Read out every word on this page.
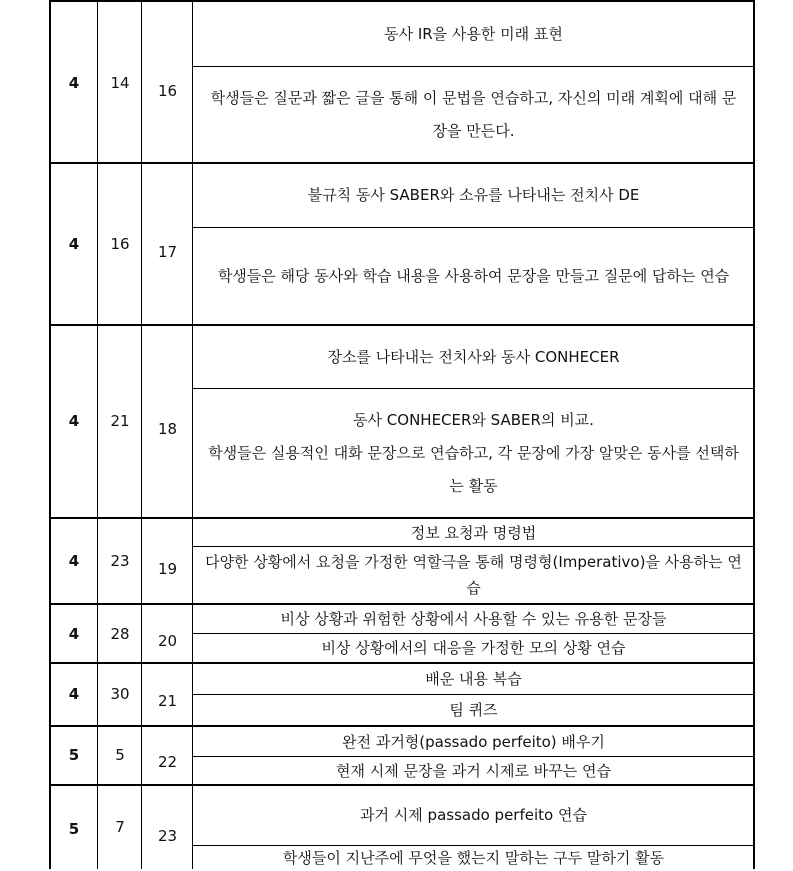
4	14	16
동사 IR을 사용한 미래 표현
학생들은 질문과 짧은 글을 통해 이 문법을 연습하고, 자신의 미래 계획에 대해 문장을 만든다.
4	16	17
불규칙 동사 SABER와 소유를 나타내는 전치사 DE
학생들은 해당 동사와 학습 내용을 사용하여 문장을 만들고 질문에 답하는 연습
4	21	18
장소를 나타내는 전치사와 동사 CONHECER
동사 CONHECER와 SABER의 비교.
학생들은 실용적인 대화 문장으로 연습하고, 각 문장에 가장 알맞은 동사를 선택하는 활동
4	23	19
정보 요청과 명령법
다양한 상황에서 요청을 가정한 역할극을 통해 명령형(Imperativo)을 사용하는 연습
4	28	20
비상 상황과 위험한 상황에서 사용할 수 있는 유용한 문장들
비상 상황에서의 대응을 가정한 모의 상황 연습
4	30	21
배운 내용 복습
팀 퀴즈
5	5	22
완전 과거형(passado perfeito) 배우기
현재 시제 문장을 과거 시제로 바꾸는 연습
5	7	23
과거 시제 passado perfeito 연습
학생들이 지난주에 무엇을 했는지 말하는 구두 말하기 활동
